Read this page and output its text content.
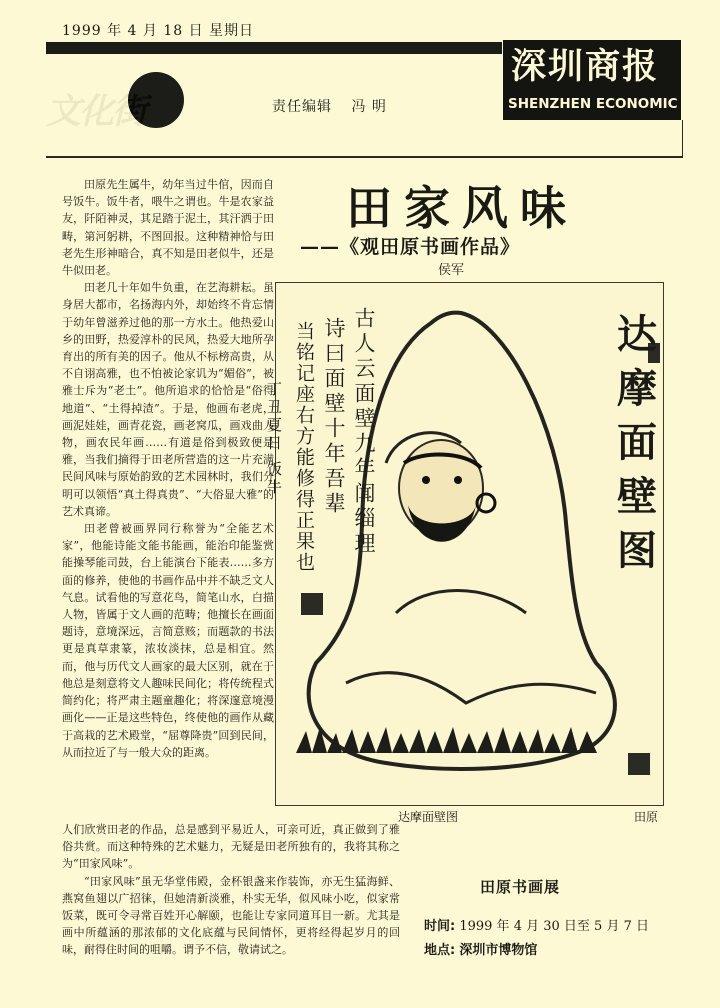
1999 年 4 月 18 日 星期日
深圳商报
SHENZHEN ECONOMIC DAIL
文化街	责任编辑 冯 明
田家风味
——《观田原书画作品》
侯军

田原先生属牛，幼年当过牛倌，因而自号饭牛。饭牛者，喂牛之谓也。牛是农家益友，阡陌神灵，其足踏于泥土，其汗洒于田畴，第河躬耕，不图回报。这种精神恰与田老先生形神暗合，真不知是田老似牛，还是牛似田老。

田老几十年如牛负重，在艺海耕耘。虽身居大都市，名扬海内外，却始终不肯忘情于幼年曾滋养过他的那一方水土。他热爱山乡的田野，热爱淳朴的民风，热爱大地所孕育出的所有美的因子。他从不标榜高贵，从不自诩高雅，也不怕被论家讥为“媚俗”，被雅士斥为“老土”。他所追求的恰恰是“俗得地道”、“土得掉渣”。于是，他画布老虎，画泥娃娃，画青花瓷，画老窝瓜，画戏曲人物，画农民年画……有道是俗到极致便是雅，当我们摘得于田老所营造的这一片充满民间风味与原始韵致的艺术园林时，我们分明可以领悟“真土得真贵”、“大俗显大雅”的艺术真谛。

田老曾被画界同行称誉为“全能艺术家”，他能诗能文能书能画，能治印能鉴赏能操琴能司鼓，台上能演台下能表……多方面的修养，使他的书画作品中并不缺乏文人气息。试看他的写意花鸟，简笔山水，白描人物，皆属于文人画的范畴；他擅长在画面题诗，意境深远，言简意赅；而题款的书法更是真草隶篆，浓妆淡抹，总是相宜。然而，他与历代文人画家的最大区别，就在于他总是刻意将文人趣味民间化；将传统程式简约化；将严肃主题童趣化；将深邃意境漫画化——正是这些特色，终使他的画作从藏于高栽的艺术殿堂，“屈尊降贵”回到民间，从而拉近了与一般大众的距离。

人们欣赏田老的作品，总是感到平易近人，可亲可近，真正做到了雅俗共赏。而这种特殊的艺术魅力，无疑是田老所独有的，我将其称之为“田家风味”。

“田家风味”虽无华堂伟殿，金杯银盏来作装饰，亦无生猛海鲜、燕窝鱼翅以广招徕，但她清新淡雅，朴实无华，似风味小吃，似家常饭菜，既可令寻常百姓开心解颐，也能让专家同道耳目一新。尤其是画中所蕴涵的那浓郁的文化底蕴与民间情怀，更将经得起岁月的回味，耐得住时间的咀嚼。谓予不信，敬请试之。

达摩面壁图
古人云面壁九年闻缁理
诗曰面壁十年吾辈
当铭记座右方能修得正果也
丁丑夏日 饭牛
达摩面壁图	田原
田原书画展
时间: 1999 年 4 月 30 日至 5 月 7 日
地点: 深圳市博物馆
